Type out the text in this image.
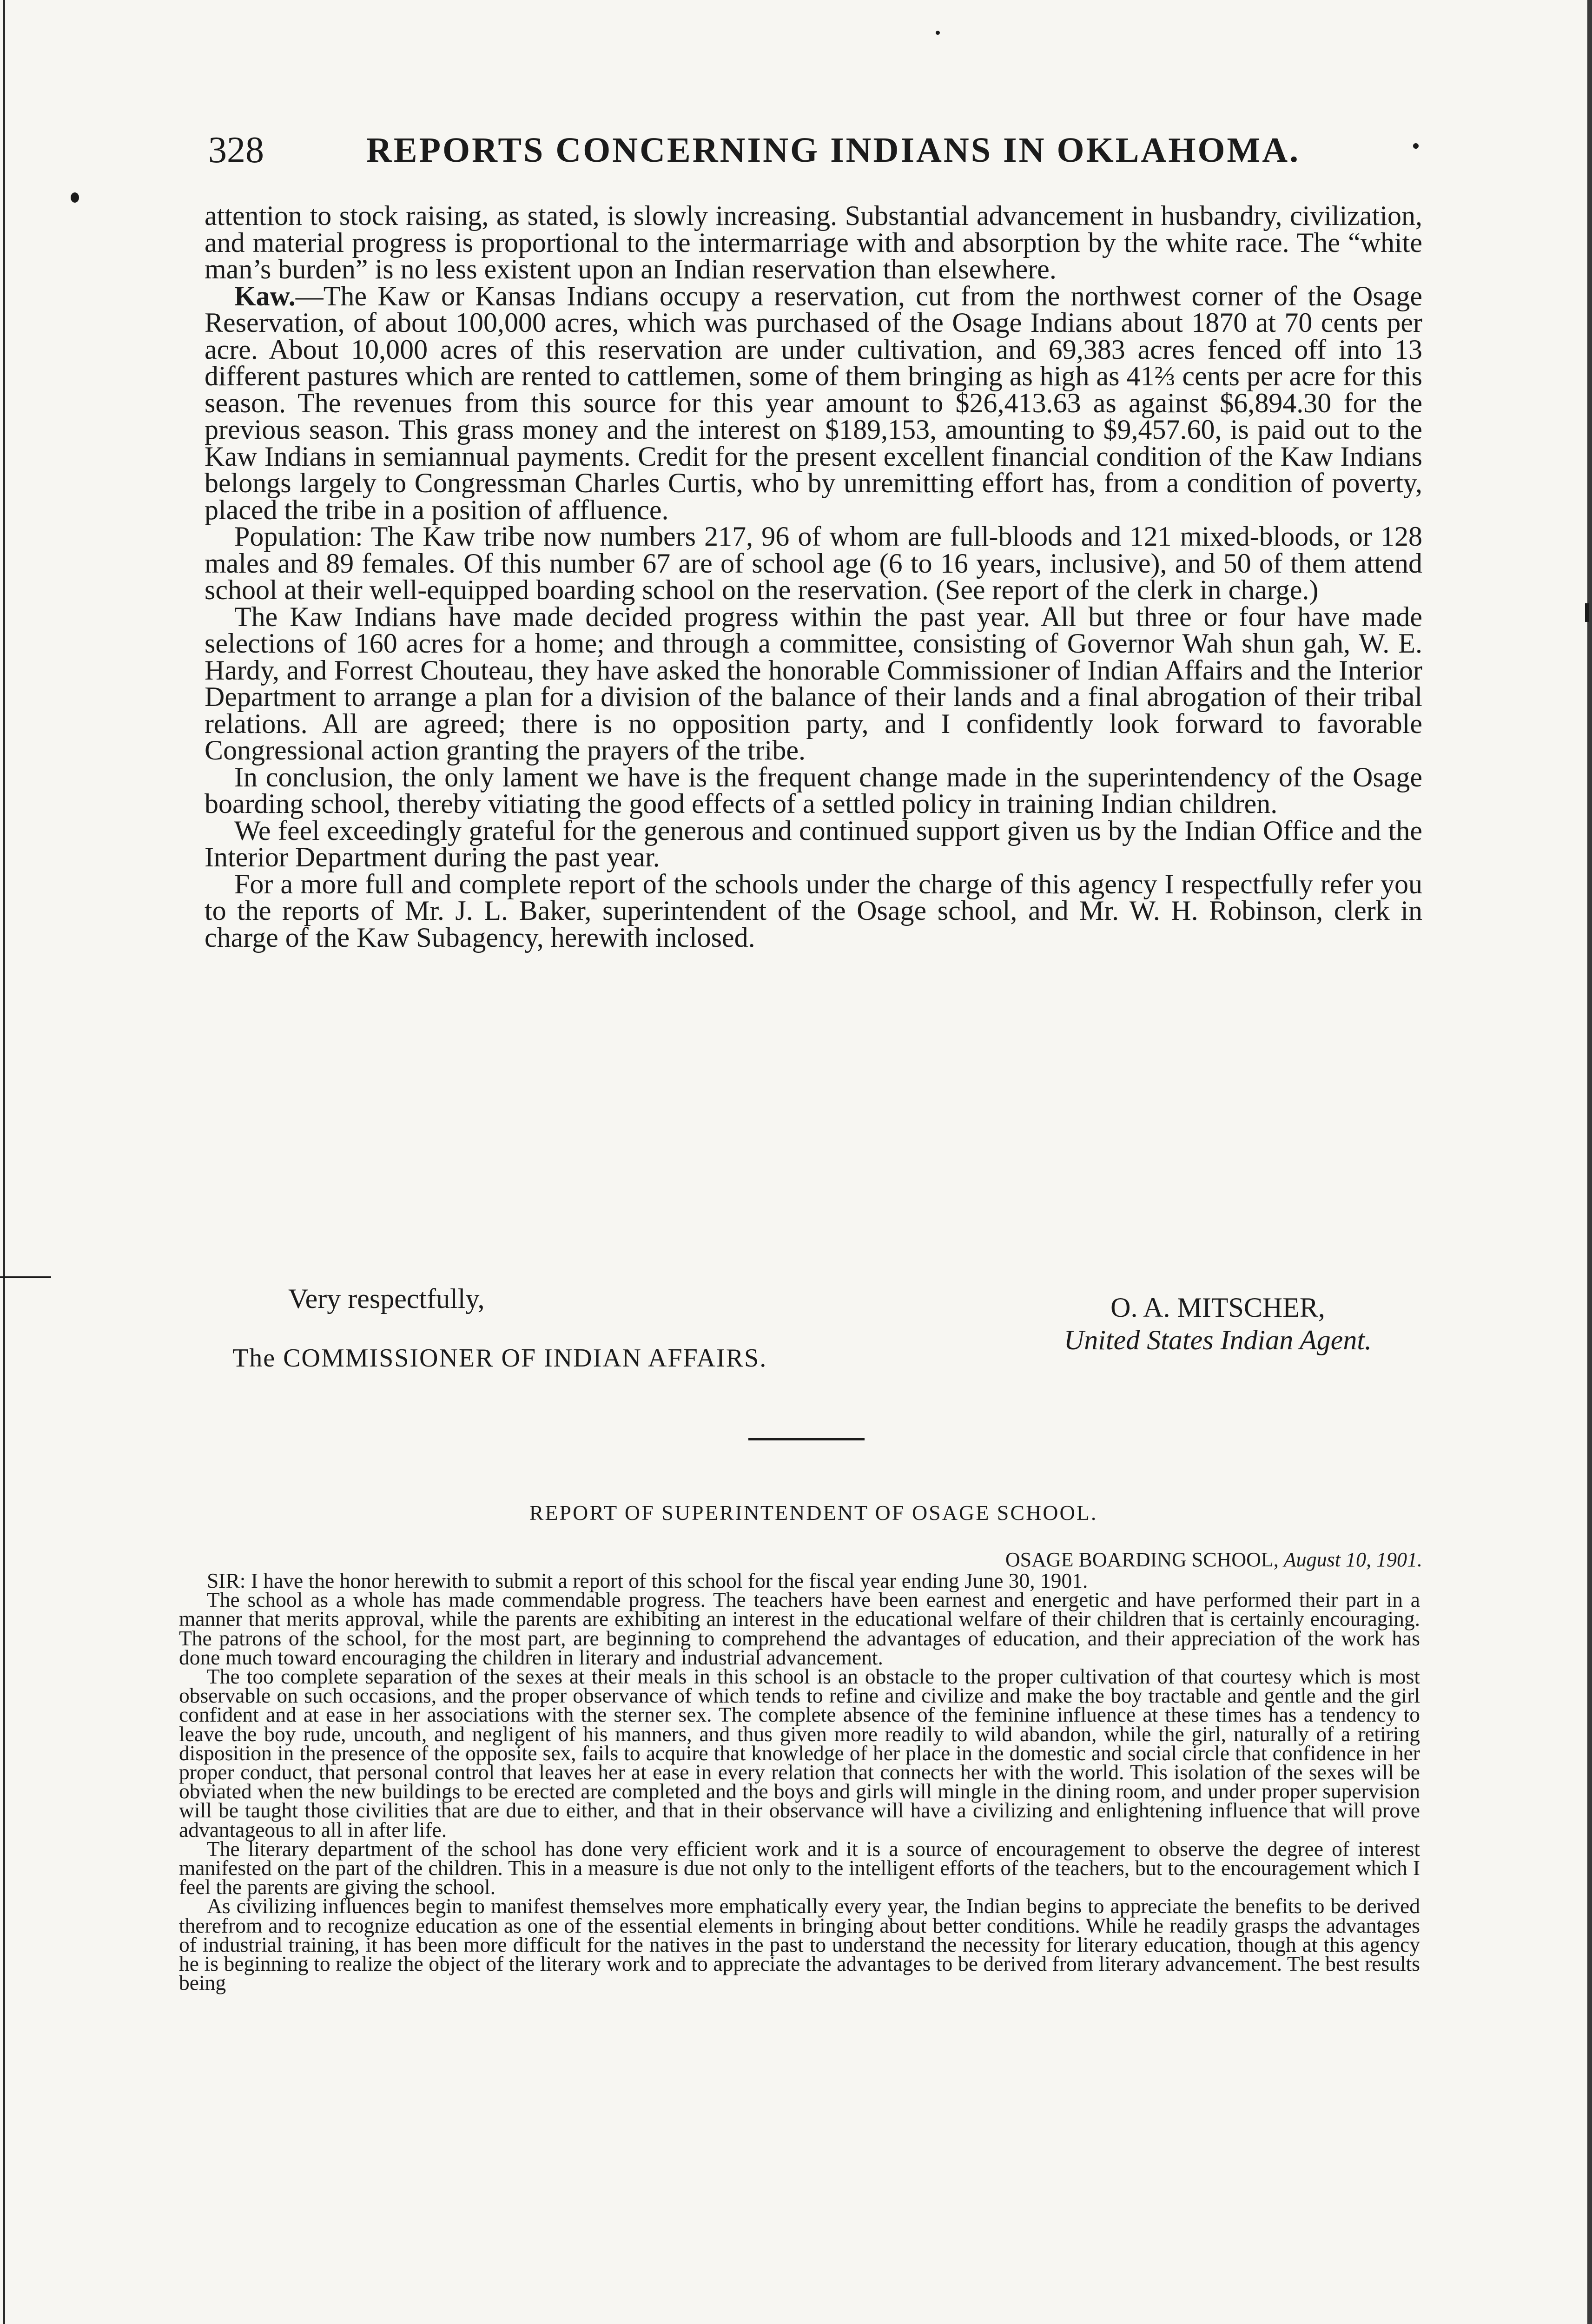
328	REPORTS CONCERNING INDIANS IN OKLAHOMA.

attention to stock raising, as stated, is slowly increasing. Substantial advancement in husbandry, civilization, and material progress is proportional to the intermarriage with and absorption by the white race. The “white man’s burden” is no less existent upon an Indian reservation than elsewhere.

Kaw.—The Kaw or Kansas Indians occupy a reservation, cut from the northwest corner of the Osage Reservation, of about 100,000 acres, which was purchased of the Osage Indians about 1870 at 70 cents per acre. About 10,000 acres of this reservation are under cultivation, and 69,383 acres fenced off into 13 different pastures which are rented to cattlemen, some of them bringing as high as 41⅔ cents per acre for this season. The revenues from this source for this year amount to $26,413.63 as against $6,894.30 for the previous season. This grass money and the interest on $189,153, amounting to $9,457.60, is paid out to the Kaw Indians in semiannual payments. Credit for the present excellent financial condition of the Kaw Indians belongs largely to Congressman Charles Curtis, who by unremitting effort has, from a condition of poverty, placed the tribe in a position of affluence.

Population: The Kaw tribe now numbers 217, 96 of whom are full-bloods and 121 mixed-bloods, or 128 males and 89 females. Of this number 67 are of school age (6 to 16 years, inclusive), and 50 of them attend school at their well-equipped boarding school on the reservation. (See report of the clerk in charge.)

The Kaw Indians have made decided progress within the past year. All but three or four have made selections of 160 acres for a home; and through a committee, consisting of Governor Wah shun gah, W. E. Hardy, and Forrest Chouteau, they have asked the honorable Commissioner of Indian Affairs and the Interior Department to arrange a plan for a division of the balance of their lands and a final abrogation of their tribal relations. All are agreed; there is no opposition party, and I confidently look forward to favorable Congressional action granting the prayers of the tribe.

In conclusion, the only lament we have is the frequent change made in the superintendency of the Osage boarding school, thereby vitiating the good effects of a settled policy in training Indian children.

We feel exceedingly grateful for the generous and continued support given us by the Indian Office and the Interior Department during the past year.

For a more full and complete report of the schools under the charge of this agency I respectfully refer you to the reports of Mr. J. L. Baker, superintendent of the Osage school, and Mr. W. H. Robinson, clerk in charge of the Kaw Subagency, herewith inclosed.

Very respectfully,	O. A. MITSCHER,
United States Indian Agent.
The COMMISSIONER OF INDIAN AFFAIRS.
REPORT OF SUPERINTENDENT OF OSAGE SCHOOL.
OSAGE BOARDING SCHOOL, August 10, 1901.

SIR: I have the honor herewith to submit a report of this school for the fiscal year ending June 30, 1901.

The school as a whole has made commendable progress. The teachers have been earnest and energetic and have performed their part in a manner that merits approval, while the parents are exhibiting an interest in the educational welfare of their children that is certainly encouraging. The patrons of the school, for the most part, are beginning to comprehend the advantages of education, and their appreciation of the work has done much toward encouraging the children in literary and industrial advancement.

The too complete separation of the sexes at their meals in this school is an obstacle to the proper cultivation of that courtesy which is most observable on such occasions, and the proper observance of which tends to refine and civilize and make the boy tractable and gentle and the girl confident and at ease in her associations with the sterner sex. The complete absence of the feminine influence at these times has a tendency to leave the boy rude, uncouth, and negligent of his manners, and thus given more readily to wild abandon, while the girl, naturally of a retiring disposition in the presence of the opposite sex, fails to acquire that knowledge of her place in the domestic and social circle that confidence in her proper conduct, that personal control that leaves her at ease in every relation that connects her with the world. This isolation of the sexes will be obviated when the new buildings to be erected are completed and the boys and girls will mingle in the dining room, and under proper supervision will be taught those civilities that are due to either, and that in their observance will have a civilizing and enlightening influence that will prove advantageous to all in after life.

The literary department of the school has done very efficient work and it is a source of encouragement to observe the degree of interest manifested on the part of the children. This in a measure is due not only to the intelligent efforts of the teachers, but to the encouragement which I feel the parents are giving the school.

As civilizing influences begin to manifest themselves more emphatically every year, the Indian begins to appreciate the benefits to be derived therefrom and to recognize education as one of the essential elements in bringing about better conditions. While he readily grasps the advantages of industrial training, it has been more difficult for the natives in the past to understand the necessity for literary education, though at this agency he is beginning to realize the object of the literary work and to appreciate the advantages to be derived from literary advancement. The best results being
